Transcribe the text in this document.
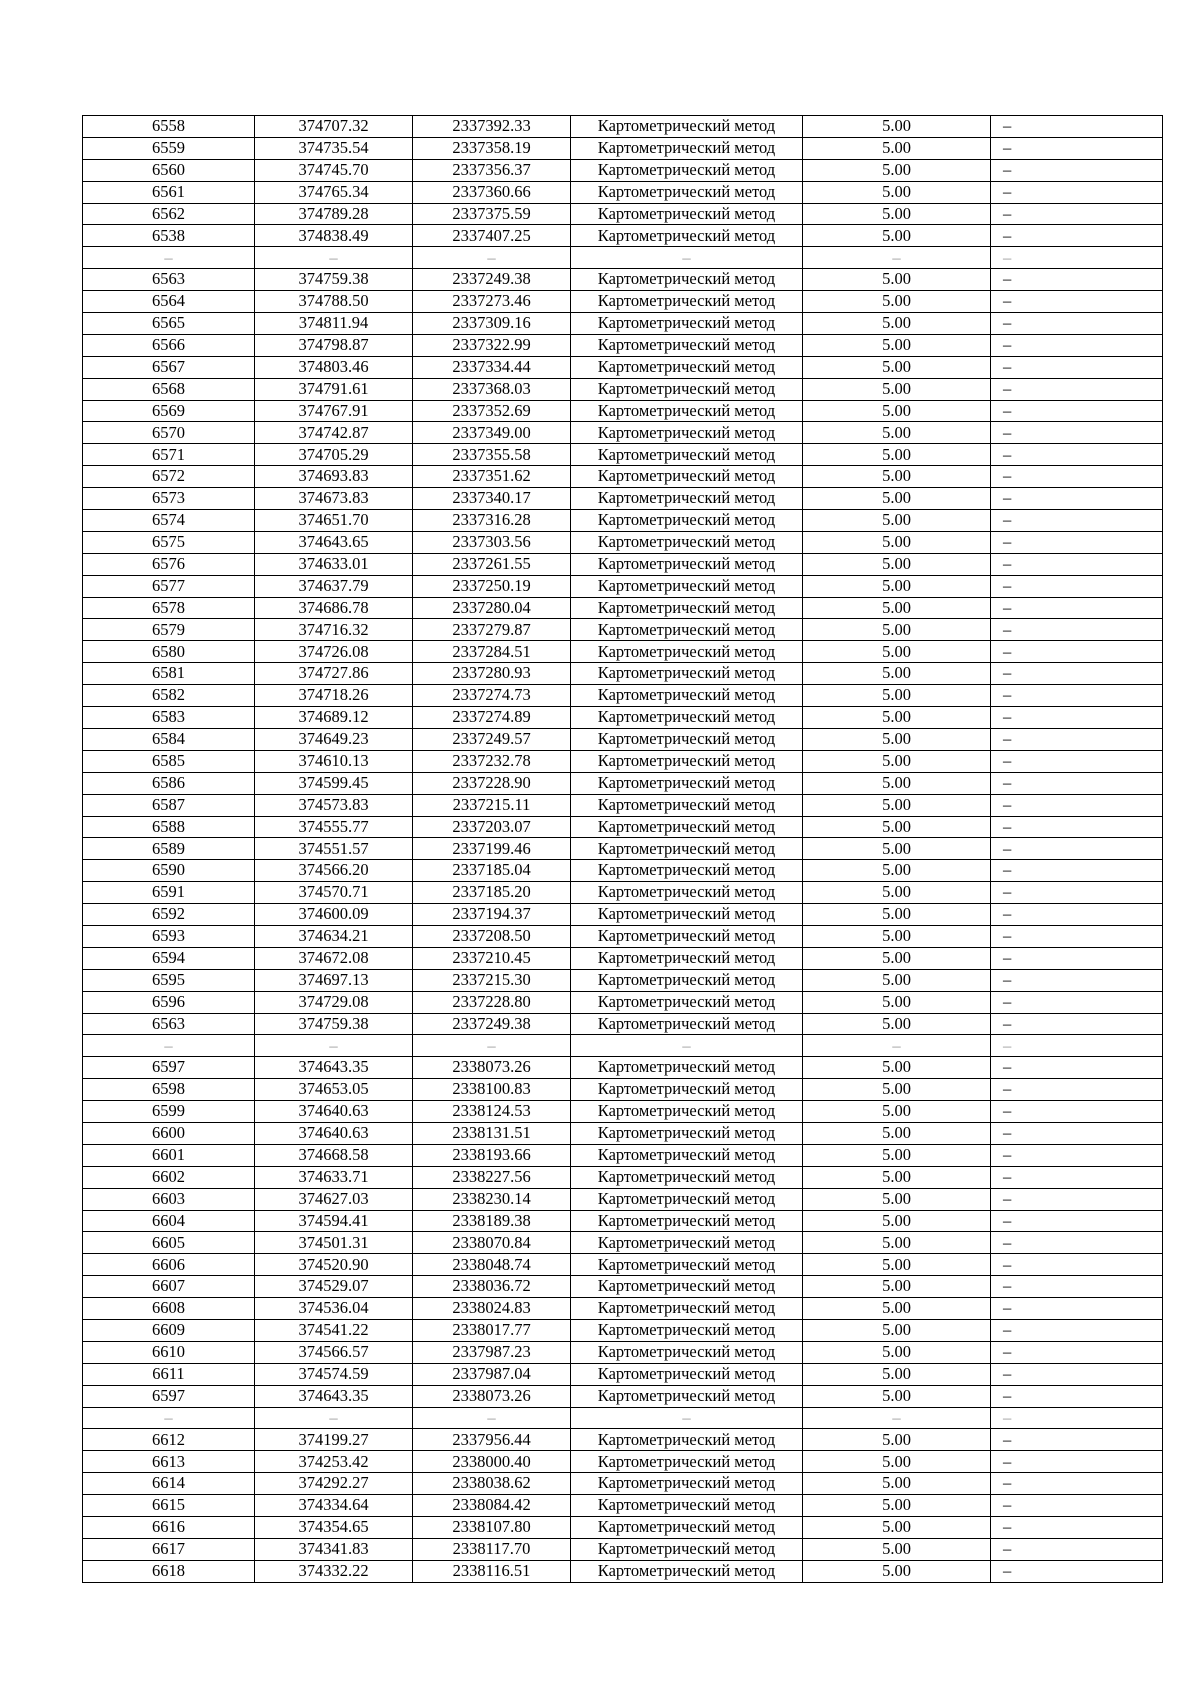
6558	374707.32	2337392.33	Картометрический метод	5.00	–
6559	374735.54	2337358.19	Картометрический метод	5.00	–
6560	374745.70	2337356.37	Картометрический метод	5.00	–
6561	374765.34	2337360.66	Картометрический метод	5.00	–
6562	374789.28	2337375.59	Картометрический метод	5.00	–
6538	374838.49	2337407.25	Картометрический метод	5.00	–
–	–	–	–	–	–
6563	374759.38	2337249.38	Картометрический метод	5.00	–
6564	374788.50	2337273.46	Картометрический метод	5.00	–
6565	374811.94	2337309.16	Картометрический метод	5.00	–
6566	374798.87	2337322.99	Картометрический метод	5.00	–
6567	374803.46	2337334.44	Картометрический метод	5.00	–
6568	374791.61	2337368.03	Картометрический метод	5.00	–
6569	374767.91	2337352.69	Картометрический метод	5.00	–
6570	374742.87	2337349.00	Картометрический метод	5.00	–
6571	374705.29	2337355.58	Картометрический метод	5.00	–
6572	374693.83	2337351.62	Картометрический метод	5.00	–
6573	374673.83	2337340.17	Картометрический метод	5.00	–
6574	374651.70	2337316.28	Картометрический метод	5.00	–
6575	374643.65	2337303.56	Картометрический метод	5.00	–
6576	374633.01	2337261.55	Картометрический метод	5.00	–
6577	374637.79	2337250.19	Картометрический метод	5.00	–
6578	374686.78	2337280.04	Картометрический метод	5.00	–
6579	374716.32	2337279.87	Картометрический метод	5.00	–
6580	374726.08	2337284.51	Картометрический метод	5.00	–
6581	374727.86	2337280.93	Картометрический метод	5.00	–
6582	374718.26	2337274.73	Картометрический метод	5.00	–
6583	374689.12	2337274.89	Картометрический метод	5.00	–
6584	374649.23	2337249.57	Картометрический метод	5.00	–
6585	374610.13	2337232.78	Картометрический метод	5.00	–
6586	374599.45	2337228.90	Картометрический метод	5.00	–
6587	374573.83	2337215.11	Картометрический метод	5.00	–
6588	374555.77	2337203.07	Картометрический метод	5.00	–
6589	374551.57	2337199.46	Картометрический метод	5.00	–
6590	374566.20	2337185.04	Картометрический метод	5.00	–
6591	374570.71	2337185.20	Картометрический метод	5.00	–
6592	374600.09	2337194.37	Картометрический метод	5.00	–
6593	374634.21	2337208.50	Картометрический метод	5.00	–
6594	374672.08	2337210.45	Картометрический метод	5.00	–
6595	374697.13	2337215.30	Картометрический метод	5.00	–
6596	374729.08	2337228.80	Картометрический метод	5.00	–
6563	374759.38	2337249.38	Картометрический метод	5.00	–
–	–	–	–	–	–
6597	374643.35	2338073.26	Картометрический метод	5.00	–
6598	374653.05	2338100.83	Картометрический метод	5.00	–
6599	374640.63	2338124.53	Картометрический метод	5.00	–
6600	374640.63	2338131.51	Картометрический метод	5.00	–
6601	374668.58	2338193.66	Картометрический метод	5.00	–
6602	374633.71	2338227.56	Картометрический метод	5.00	–
6603	374627.03	2338230.14	Картометрический метод	5.00	–
6604	374594.41	2338189.38	Картометрический метод	5.00	–
6605	374501.31	2338070.84	Картометрический метод	5.00	–
6606	374520.90	2338048.74	Картометрический метод	5.00	–
6607	374529.07	2338036.72	Картометрический метод	5.00	–
6608	374536.04	2338024.83	Картометрический метод	5.00	–
6609	374541.22	2338017.77	Картометрический метод	5.00	–
6610	374566.57	2337987.23	Картометрический метод	5.00	–
6611	374574.59	2337987.04	Картометрический метод	5.00	–
6597	374643.35	2338073.26	Картометрический метод	5.00	–
–	–	–	–	–	–
6612	374199.27	2337956.44	Картометрический метод	5.00	–
6613	374253.42	2338000.40	Картометрический метод	5.00	–
6614	374292.27	2338038.62	Картометрический метод	5.00	–
6615	374334.64	2338084.42	Картометрический метод	5.00	–
6616	374354.65	2338107.80	Картометрический метод	5.00	–
6617	374341.83	2338117.70	Картометрический метод	5.00	–
6618	374332.22	2338116.51	Картометрический метод	5.00	–
